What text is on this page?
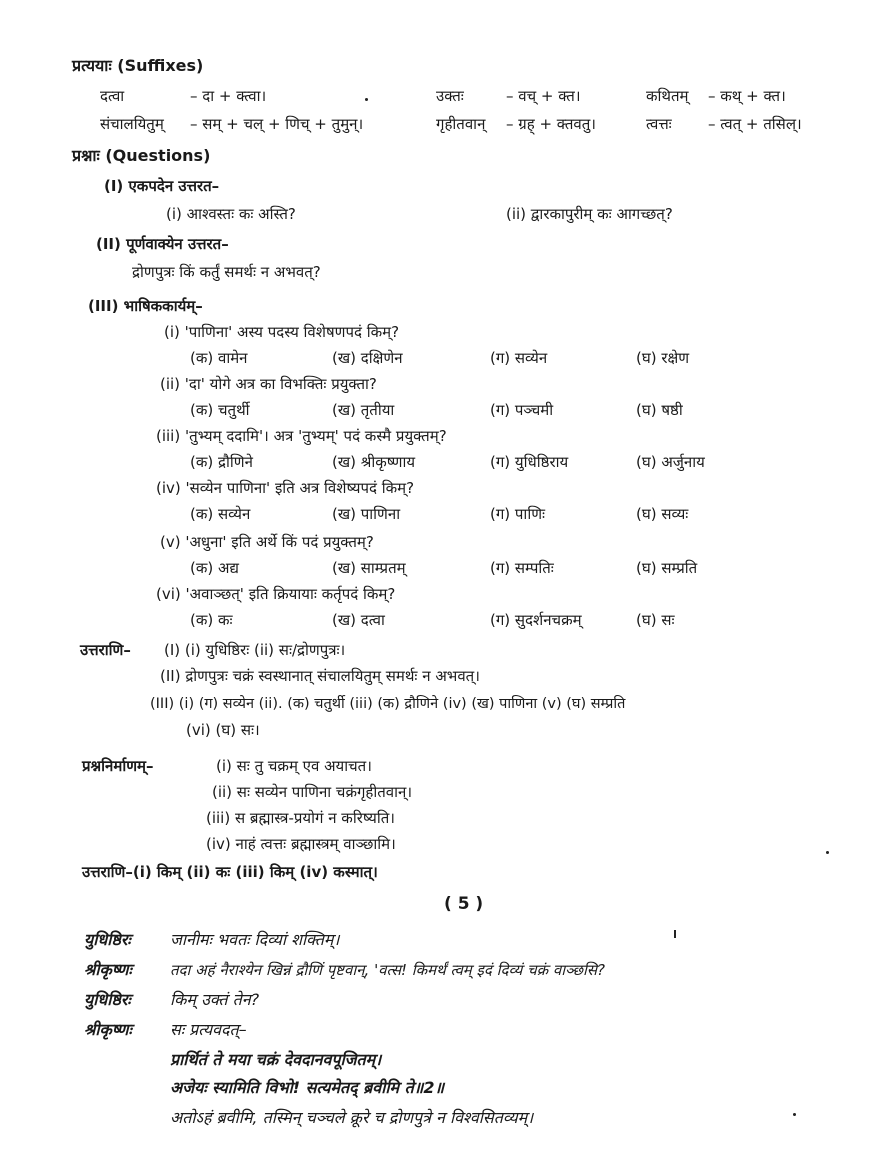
प्रत्ययाः (Suffixes)
दत्वा	– दा + क्त्वा।	उक्तः	– वच् + क्त।	कथितम् – कथ् + क्त।
संचालयितुम् – सम् + चल् + णिच् + तुमुन्।	गृहीतवान् – ग्रह् + क्तवतु।	त्वत्तः – त्वत् + तसिल्।
प्रश्नाः (Questions)
(I) एकपदेन उत्तरत–
(i) आश्वस्तः कः अस्ति?	(ii) द्वारकापुरीम् कः आगच्छत्?
(II) पूर्णवाक्येन उत्तरत–
द्रोणपुत्रः किं कर्तुं समर्थः न अभवत्?
(III) भाषिककार्यम्–
(i) 'पाणिना' अस्य पदस्य विशेषणपदं किम्?
(क) वामेन	(ख) दक्षिणेन	(ग) सव्येन	(घ) रक्षेण
(ii) 'दा' योगे अत्र का विभक्तिः प्रयुक्ता?
(क) चतुर्थी	(ख) तृतीया	(ग) पञ्चमी	(घ) षष्ठी
(iii) 'तुभ्यम् ददामि'। अत्र 'तुभ्यम्' पदं कस्मै प्रयुक्तम्?
(क) द्रौणिने	(ख) श्रीकृष्णाय	(ग) युधिष्ठिराय	(घ) अर्जुनाय
(iv) 'सव्येन पाणिना' इति अत्र विशेष्यपदं किम्?
(क) सव्येन	(ख) पाणिना	(ग) पाणिः	(घ) सव्यः
(v) 'अधुना' इति अर्थे किं पदं प्रयुक्तम्?
(क) अद्य	(ख) साम्प्रतम्	(ग) सम्पतिः	(घ) सम्प्रति
(vi) 'अवाञ्छत्' इति क्रियायाः कर्तृपदं किम्?
(क) कः	(ख) दत्वा	(ग) सुदर्शनचक्रम्	(घ) सः
उत्तराणि– (I) (i) युधिष्ठिरः (ii) सः/द्रोणपुत्रः।
(II) द्रोणपुत्रः चक्रं स्वस्थानात् संचालयितुम् समर्थः न अभवत्।
(III) (i) (ग) सव्येन (ii). (क) चतुर्थी (iii) (क) द्रौणिने (iv) (ख) पाणिना (v) (घ) सम्प्रति
(vi) (घ) सः।
प्रश्ननिर्माणम्–	(i) सः तु चक्रम् एव अयाचत।
(ii) सः सव्येन पाणिना चक्रंगृहीतवान्।
(iii) स ब्रह्मास्त्र-प्रयोगं न करिष्यति।
(iv) नाहं त्वत्तः ब्रह्मास्त्रम् वाञ्छामि।
उत्तराणि–(i) किम् (ii) कः (iii) किम् (iv) कस्मात्।
( 5 )
युधिष्ठिरः जानीमः भवतः दिव्यां शक्तिम्।
श्रीकृष्णः	तदा अहं नैराश्येन खिन्नं द्रौणिं पृष्टवान्, 'वत्स! किमर्थं त्वम् इदं दिव्यं चक्रं वाञ्छसि?
युधिष्ठिरः किम् उक्तं तेन?
श्रीकृष्णः सः प्रत्यवदत्–
प्रार्थितं ते मया चक्रं देवदानवपूजितम्।
अजेयः स्यामिति विभो! सत्यमेतद् ब्रवीमि ते॥2॥
अतोऽहं ब्रवीमि, तस्मिन् चञ्चले क्रूरे च द्रोणपुत्रे न विश्वसितव्यम्।
